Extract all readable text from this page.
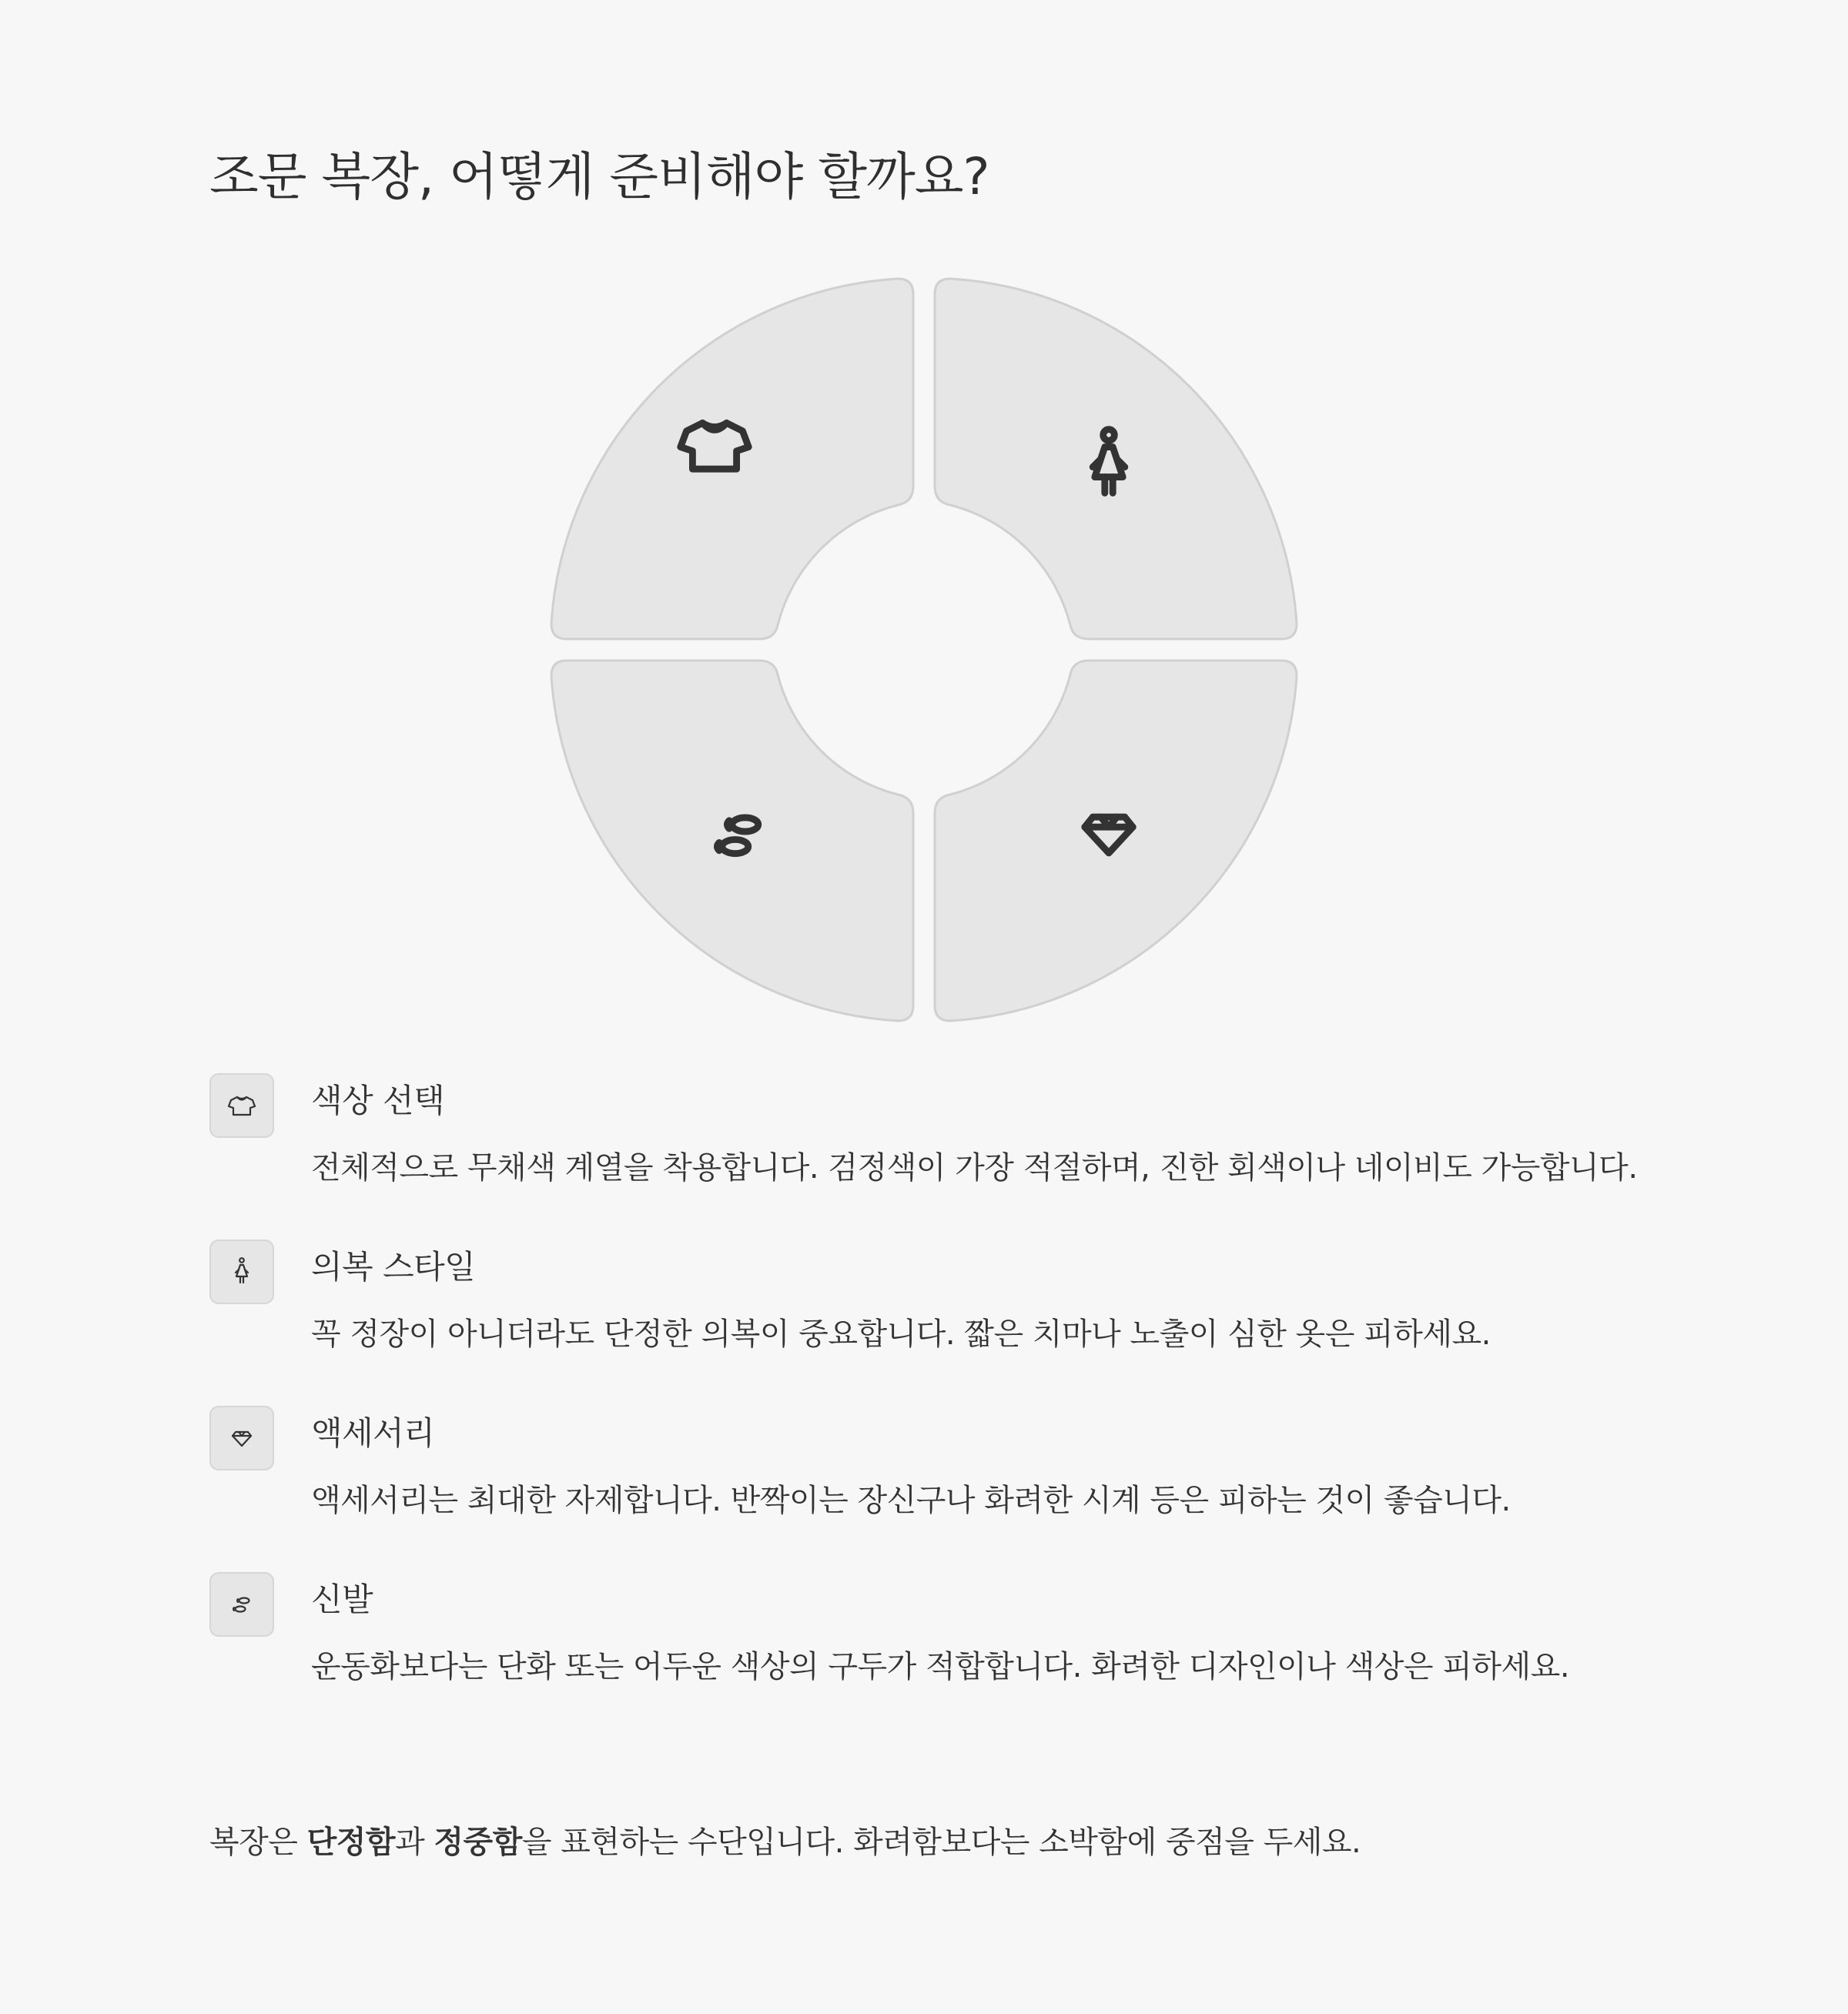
조문 복장, 어떻게 준비해야 할까요?

색상 선택

전체적으로 무채색 계열을 착용합니다. 검정색이 가장 적절하며, 진한 회색이나 네이비도 가능합니다.

의복 스타일

꼭 정장이 아니더라도 단정한 의복이 중요합니다. 짧은 치마나 노출이 심한 옷은 피하세요.

액세서리

액세서리는 최대한 자제합니다. 반짝이는 장신구나 화려한 시계 등은 피하는 것이 좋습니다.

신발

운동화보다는 단화 또는 어두운 색상의 구두가 적합합니다. 화려한 디자인이나 색상은 피하세요.

복장은 단정함과 정중함을 표현하는 수단입니다. 화려함보다는 소박함에 중점을 두세요.
